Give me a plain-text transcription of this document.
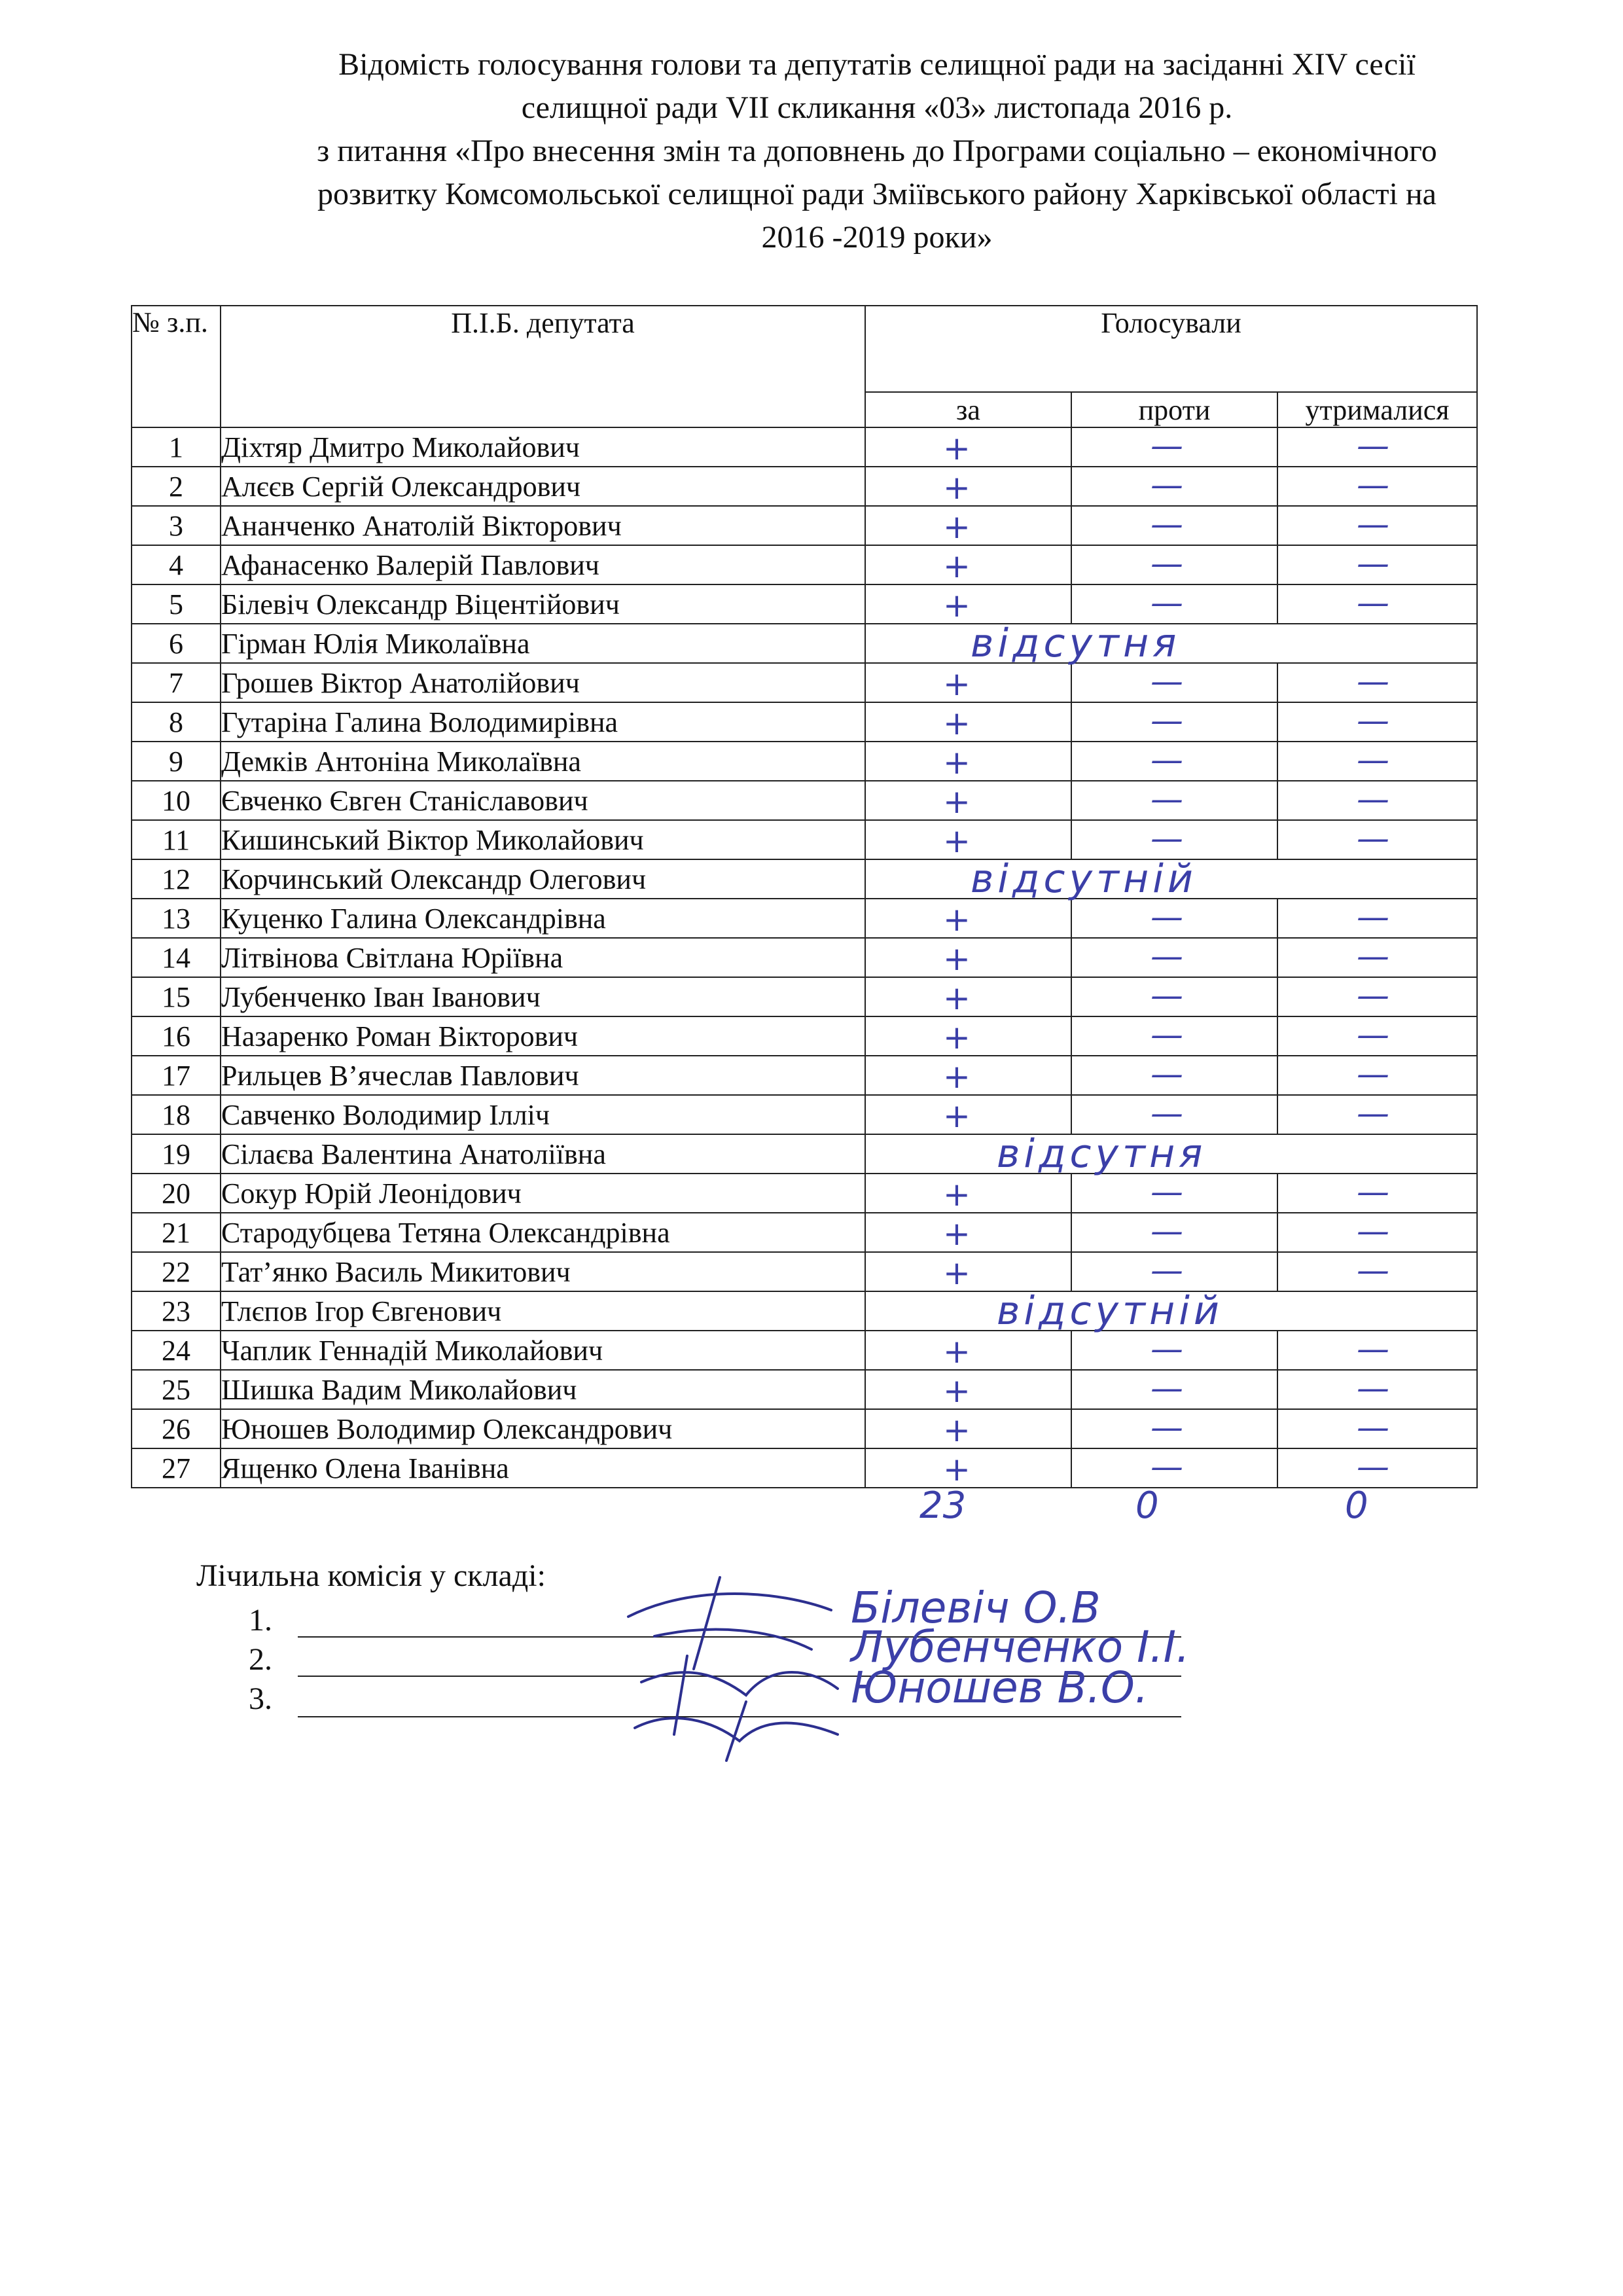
Відомість голосування голови та депутатів селищної ради на засіданні XIV сесії
селищної ради VII скликання «03» листопада 2016 р.
з питання «Про внесення змін та доповнень до Програми соціально – економічного
розвитку Комсомольської селищної ради Зміївського району Харківської області на
2016 -2019 роки»
№ з.п.	П.І.Б. депутата	Голосували		
		за	проти	утрималися
1	Діхтяр Дмитро Миколайович	+	—	—

2	Алєєв Сергій Олександрович	+	—	—

3	Ананченко Анатолій Вікторович	+	—	—

4	Афанасенко Валерій Павлович	+	—	—

5	Білевіч Олександр Віцентійович	+	—	—

6	Гірман Юлія Миколаївна	відсутня		

7	Грошев Віктор Анатолійович	+	—	—

8	Гутаріна Галина Володимирівна	+	—	—

9	Демків Антоніна Миколаївна	+	—	—

10	Євченко Євген Станіславович	+	—	—

11	Кишинський Віктор Миколайович	+	—	—

12	Корчинський Олександр Олегович	відсутній		

13	Куценко Галина Олександрівна	+	—	—

14	Літвінова Світлана Юріївна	+	—	—

15	Лубенченко Іван Іванович	+	—	—

16	Назаренко Роман Вікторович	+	—	—

17	Рильцев В’ячеслав Павлович	+	—	—

18	Савченко Володимир Ілліч	+	—	—

19	Сілаєва Валентина Анатоліївна	відсутня		

20	Сокур Юрій Леонідович	+	—	—

21	Стародубцева Тетяна Олександрівна	+	—	—

22	Тат’янко Василь Микитович	+	—	—

23	Тлєпов Ігор Євгенович	відсутній		

24	Чаплик Геннадій Миколайович	+	—	—

25	Шишка Вадим Миколайович	+	—	—

26	Юношев Володимир Олександрович	+	—	—

27	Ященко Олена Іванівна	+	—	—
23	0	0
Лічильна комісія у складі:
1.	Білевіч О.В
2.	Лубенченко І.І.
3.	Юношев В.О.
